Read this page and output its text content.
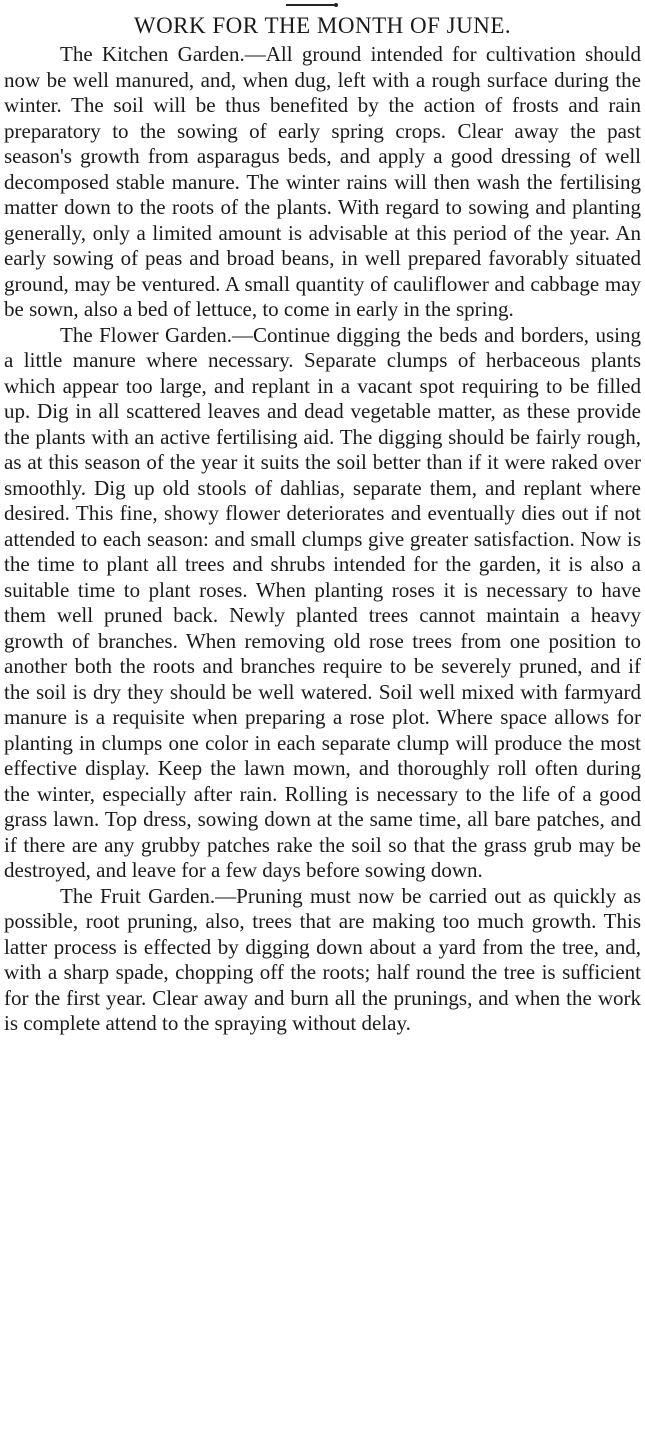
WORK FOR THE MONTH OF JUNE.

The Kitchen Garden.—All ground intended for cultivation should now be well manured, and, when dug, left with a rough surface during the winter. The soil will be thus benefited by the action of frosts and rain preparatory to the sowing of early spring crops. Clear away the past season's growth from asparagus beds, and apply a good dressing of well decomposed stable manure. The winter rains will then wash the fertilising matter down to the roots of the plants. With regard to sowing and planting generally, only a limited amount is advisable at this period of the year. An early sowing of peas and broad beans, in well prepared favorably situated ground, may be ventured. A small quantity of cauliflower and cabbage may be sown, also a bed of lettuce, to come in early in the spring.

The Flower Garden.—Continue digging the beds and borders, using a little manure where necessary. Separate clumps of herbaceous plants which appear too large, and replant in a vacant spot requiring to be filled up. Dig in all scattered leaves and dead vegetable matter, as these provide the plants with an active fertilising aid. The digging should be fairly rough, as at this season of the year it suits the soil better than if it were raked over smoothly. Dig up old stools of dahlias, separate them, and replant where desired. This fine, showy flower deteriorates and eventually dies out if not attended to each season: and small clumps give greater satisfaction. Now is the time to plant all trees and shrubs intended for the garden, it is also a suitable time to plant roses. When planting roses it is necessary to have them well pruned back. Newly planted trees cannot maintain a heavy growth of branches. When removing old rose trees from one position to another both the roots and branches require to be severely pruned, and if the soil is dry they should be well watered. Soil well mixed with farmyard manure is a requisite when preparing a rose plot. Where space allows for planting in clumps one color in each separate clump will produce the most effective display. Keep the lawn mown, and thoroughly roll often during the winter, especially after rain. Rolling is necessary to the life of a good grass lawn. Top dress, sowing down at the same time, all bare patches, and if there are any grubby patches rake the soil so that the grass grub may be destroyed, and leave for a few days before sowing down.

The Fruit Garden.—Pruning must now be carried out as quickly as possible, root pruning, also, trees that are making too much growth. This latter process is effected by digging down about a yard from the tree, and, with a sharp spade, chopping off the roots; half round the tree is sufficient for the first year. Clear away and burn all the prunings, and when the work is complete attend to the spraying without delay.
